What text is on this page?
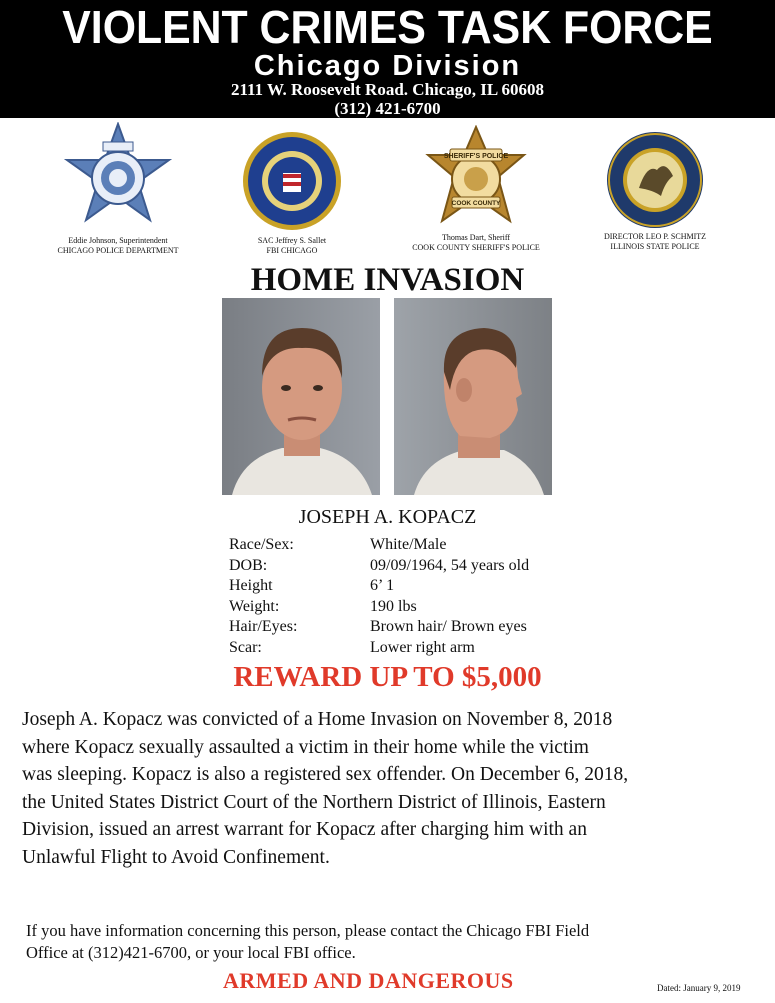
VIOLENT CRIMES TASK FORCE
Chicago Division
2111 W. Roosevelt Road. Chicago, IL 60608
(312) 421-6700
Eddie Johnson, Superintendent
CHICAGO POLICE DEPARTMENT
SAC Jeffrey S. Sallet
FBI CHICAGO
SHERIFF'S POLICE
COOK COUNTY
Thomas Dart, Sheriff
COOK COUNTY SHERIFF'S POLICE
DIRECTOR LEO P. SCHMITZ
ILLINOIS STATE POLICE
HOME INVASION
JOSEPH A. KOPACZ
Race/Sex:	White/Male
DOB:	09/09/1964, 54 years old
Height	6’ 1
Weight:	190 lbs
Hair/Eyes:	Brown hair/ Brown eyes
Scar:	Lower right arm
REWARD UP TO $5,000
Joseph A. Kopacz was convicted of a Home Invasion on November 8, 2018
where Kopacz sexually assaulted a victim in their home while the victim
was sleeping. Kopacz is also a registered sex offender. On December 6, 2018,
the United States District Court of the Northern District of Illinois, Eastern
Division, issued an arrest warrant for Kopacz after charging him with an
Unlawful Flight to Avoid Confinement.
If you have information concerning this person, please contact the Chicago FBI Field
Office at (312)421-6700, or your local FBI office.
ARMED AND DANGEROUS	Dated: January 9, 2019
